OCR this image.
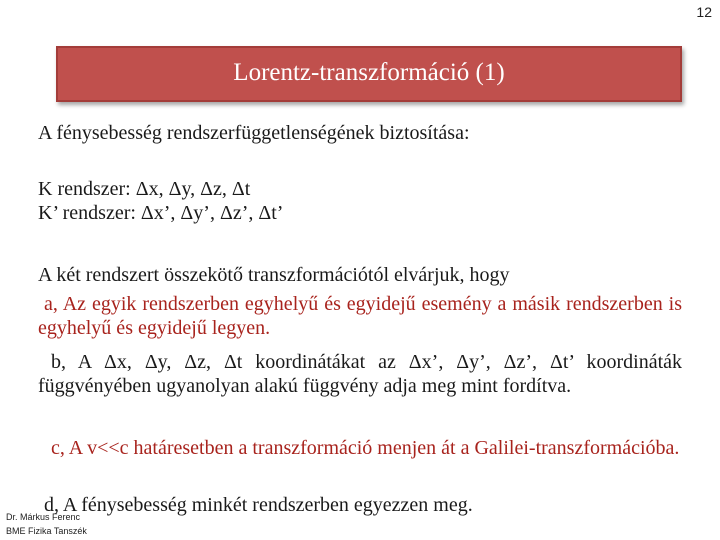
12
Lorentz-transzformáció (1)
A fénysebesség rendszerfüggetlenségének biztosítása:
K rendszer: Δx, Δy, Δz, Δt
K’ rendszer: Δx’, Δy’, Δz’, Δt’
A két rendszert összekötő transzformációtól elvárjuk, hogy
a, Az egyik rendszerben egyhelyű és egyidejű esemény a másik rendszerben is egyhelyű és egyidejű legyen.
b, A Δx, Δy, Δz, Δt koordinátákat az Δx’, Δy’, Δz’, Δt’ koordináták függvényében ugyanolyan alakú függvény adja meg mint fordítva.
c, A v<<c határesetben a transzformáció menjen át a Galilei-transzformációba.
d, A fénysebesség minkét rendszerben egyezzen meg.
Dr. Márkus Ferenc
BME Fizika Tanszék
